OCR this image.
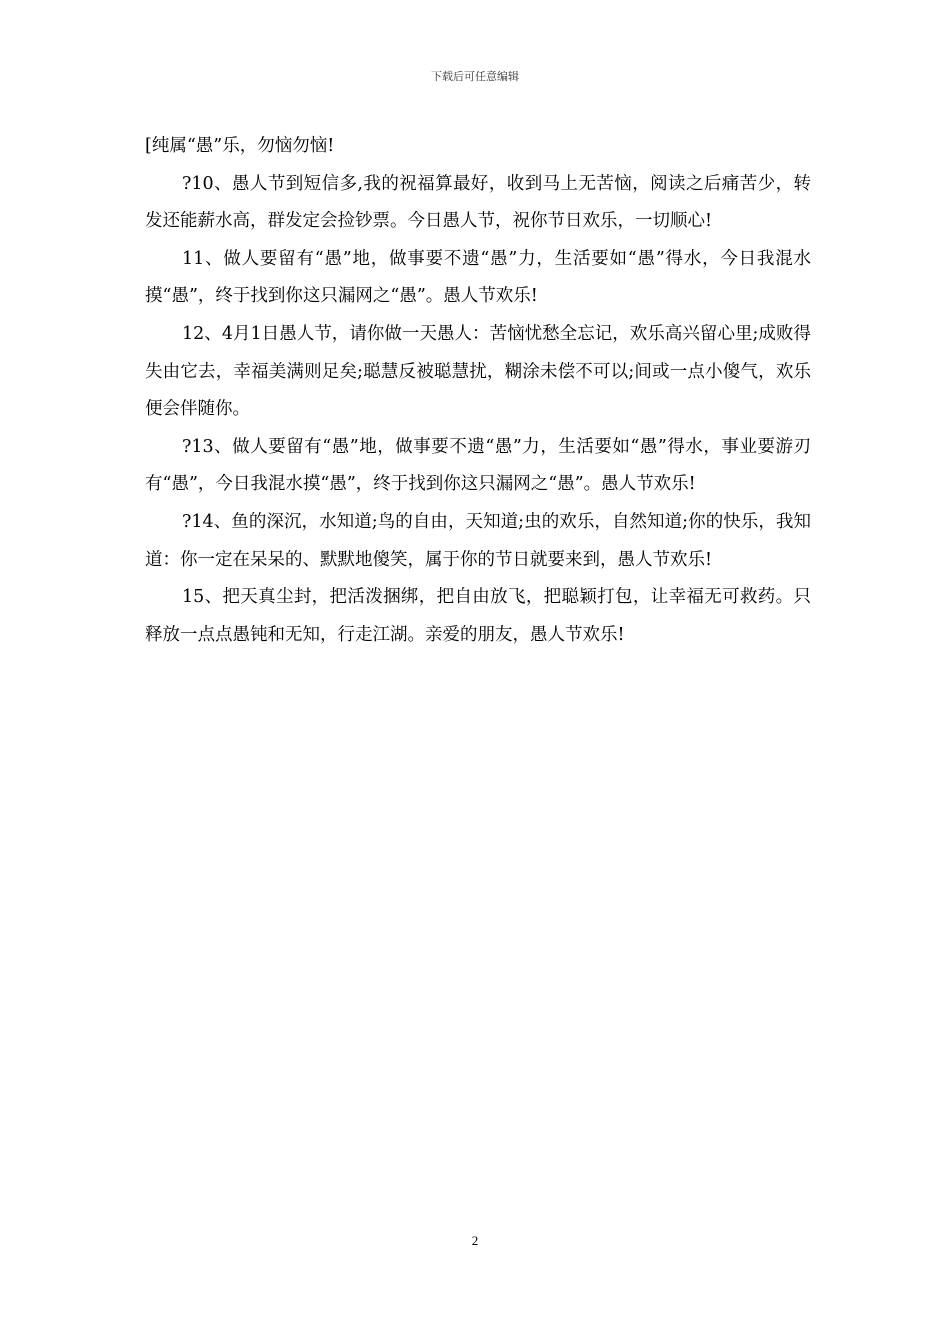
下载后可任意编辑

[纯属“愚”乐，勿恼勿恼!

?10、愚人节到短信多,我的祝福算最好，收到马上无苦恼，阅读之后痛苦少，转发还能薪水高，群发定会捡钞票。今日愚人节，祝你节日欢乐，一切顺心!

11、做人要留有“愚”地，做事要不遗“愚”力，生活要如“愚”得水，今日我混水摸“愚”，终于找到你这只漏网之“愚”。愚人节欢乐!

12、4月1日愚人节，请你做一天愚人：苦恼忧愁全忘记，欢乐高兴留心里;成败得失由它去，幸福美满则足矣;聪慧反被聪慧扰，糊涂未偿不可以;间或一点小傻气，欢乐便会伴随你。

?13、做人要留有“愚”地，做事要不遗“愚”力，生活要如“愚”得水，事业要游刃有“愚”，今日我混水摸“愚”，终于找到你这只漏网之“愚”。愚人节欢乐!

?14、鱼的深沉，水知道;鸟的自由，天知道;虫的欢乐，自然知道;你的快乐，我知道：你一定在呆呆的、默默地傻笑，属于你的节日就要来到，愚人节欢乐!

15、把天真尘封，把活泼捆绑，把自由放飞，把聪颖打包，让幸福无可救药。只释放一点点愚钝和无知，行走江湖。亲爱的朋友，愚人节欢乐!

2
